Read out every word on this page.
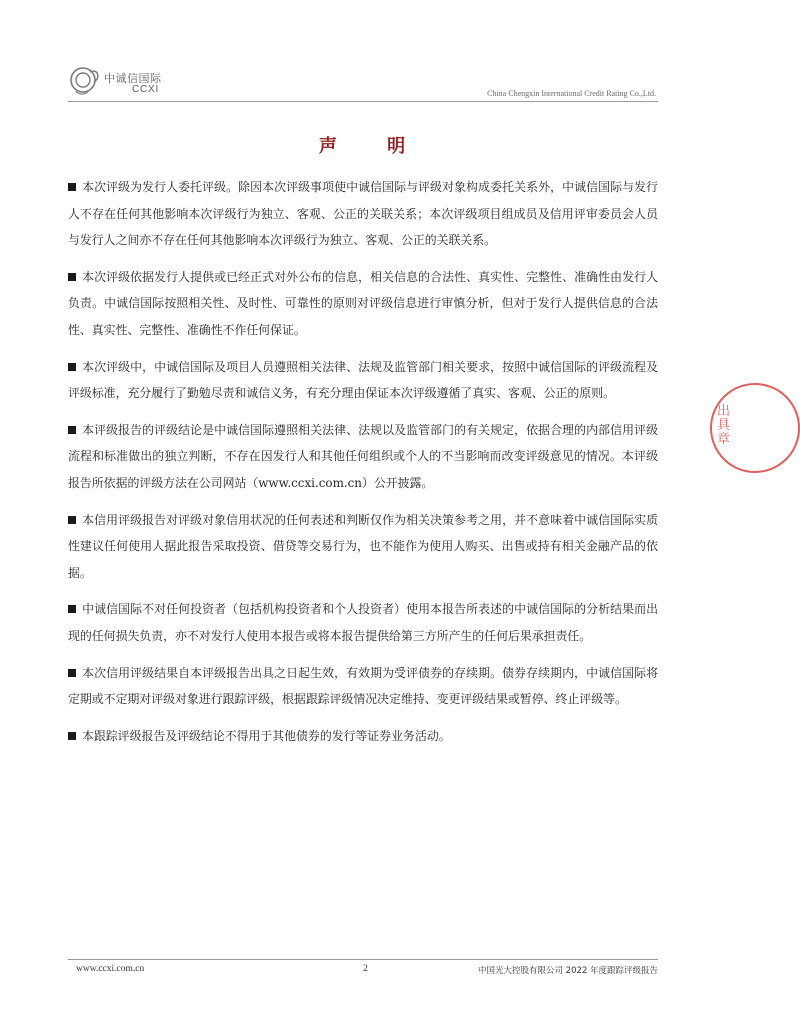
中诚信国际
CCXI	China Chengxin International Credit Rating Co.,Ltd.
声 明

本次评级为发行人委托评级。除因本次评级事项使中诚信国际与评级对象构成委托关系外，中诚信国际与发行人不存在任何其他影响本次评级行为独立、客观、公正的关联关系；本次评级项目组成员及信用评审委员会人员与发行人之间亦不存在任何其他影响本次评级行为独立、客观、公正的关联关系。

本次评级依据发行人提供或已经正式对外公布的信息，相关信息的合法性、真实性、完整性、准确性由发行人负责。中诚信国际按照相关性、及时性、可靠性的原则对评级信息进行审慎分析，但对于发行人提供信息的合法性、真实性、完整性、准确性不作任何保证。

本次评级中，中诚信国际及项目人员遵照相关法律、法规及监管部门相关要求，按照中诚信国际的评级流程及评级标准，充分履行了勤勉尽责和诚信义务，有充分理由保证本次评级遵循了真实、客观、公正的原则。

本评级报告的评级结论是中诚信国际遵照相关法律、法规以及监管部门的有关规定，依据合理的内部信用评级流程和标准做出的独立判断，不存在因发行人和其他任何组织或个人的不当影响而改变评级意见的情况。本评级报告所依据的评级方法在公司网站（www.ccxi.com.cn）公开披露。

本信用评级报告对评级对象信用状况的任何表述和判断仅作为相关决策参考之用，并不意味着中诚信国际实质性建议任何使用人据此报告采取投资、借贷等交易行为，也不能作为使用人购买、出售或持有相关金融产品的依据。

中诚信国际不对任何投资者（包括机构投资者和个人投资者）使用本报告所表述的中诚信国际的分析结果而出现的任何损失负责，亦不对发行人使用本报告或将本报告提供给第三方所产生的任何后果承担责任。

本次信用评级结果自本评级报告出具之日起生效，有效期为受评债券的存续期。债券存续期内，中诚信国际将定期或不定期对评级对象进行跟踪评级，根据跟踪评级情况决定维持、变更评级结果或暂停、终止评级等。

本跟踪评级报告及评级结论不得用于其他债券的发行等证券业务活动。

出具章
www.ccxi.com.cn	2	中国光大控股有限公司 2022 年度跟踪评级报告
